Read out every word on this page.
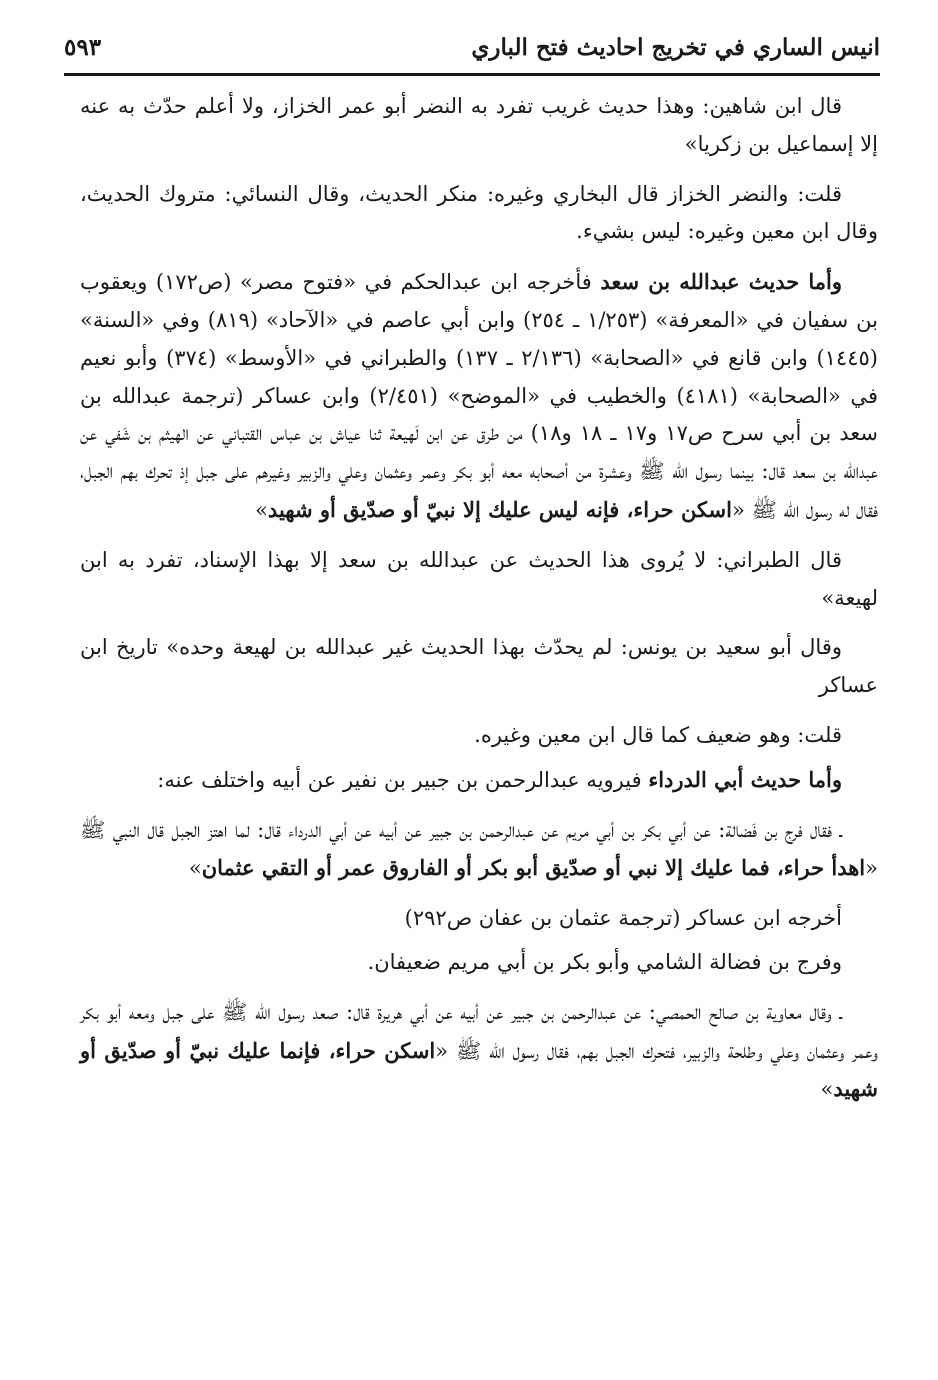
انيس الساري في تخريج احاديث فتح الباري
٥٩٣

قال ابن شاهين: وهذا حديث غريب تفرد به النضر أبو عمر الخزاز، ولا أعلم حدّث به عنه إلا إسماعيل بن زكريا»

قلت: والنضر الخزاز قال البخاري وغيره: منكر الحديث، وقال النسائي: متروك الحديث، وقال ابن معين وغيره: ليس بشيء.

وأما حديث عبدالله بن سعد فأخرجه ابن عبدالحكم في «فتوح مصر» (ص١٧٢) ويعقوب بن سفيان في «المعرفة» (١/٢٥٣ ـ ٢٥٤) وابن أبي عاصم في «الآحاد» (٨١٩) وفي «السنة» (١٤٤٥) وابن قانع في «الصحابة» (٢/١٣٦ ـ ١٣٧) والطبراني في «الأوسط» (٣٧٤) وأبو نعيم في «الصحابة» (٤١٨١) والخطيب في «الموضح» (٢/٤٥١) وابن عساكر (ترجمة عبدالله بن سعد بن أبي سرح ص١٧ و١٧ ـ ١٨ و١٨) من طرق عن ابن لَهيعة ثنا عياش بن عباس القتباني عن الهيثم بن شَفي عن عبدالله بن سعد قال: بينما رسول الله ﷺ وعشرة من أصحابه معه أبو بكر وعمر وعثمان وعلي والزبير وغيرهم على جبل إذ تحرك بهم الجبل، فقال له رسول الله ﷺ «اسكن حراء، فإنه ليس عليك إلا نبيّ أو صدّيق أو شهيد»

قال الطبراني: لا يُروى هذا الحديث عن عبدالله بن سعد إلا بهذا الإسناد، تفرد به ابن لهيعة»

وقال أبو سعيد بن يونس: لم يحدّث بهذا الحديث غير عبدالله بن لهيعة وحده» تاريخ ابن عساكر

قلت: وهو ضعيف كما قال ابن معين وغيره.

وأما حديث أبي الدرداء فيرويه عبدالرحمن بن جبير بن نفير عن أبيه واختلف عنه:

ـ فقال فرج بن فَضالة: عن أبي بكر بن أبي مريم عن عبدالرحمن بن جبير عن أبيه عن أبي الدرداء قال: لما اهتز الجبل قال النبي ﷺ «اهدأ حراء، فما عليك إلا نبي أو صدّيق أبو بكر أو الفاروق عمر أو التقي عثمان»

أخرجه ابن عساكر (ترجمة عثمان بن عفان ص٢٩٢)

وفرج بن فضالة الشامي وأبو بكر بن أبي مريم ضعيفان.

ـ وقال معاوية بن صالح الحمصي: عن عبدالرحمن بن جبير عن أبيه عن أبي هريرة قال: صعد رسول الله ﷺ على جبل ومعه أبو بكر وعمر وعثمان وعلي وطلحة والزبير، فتحرك الجبل بهم، فقال رسول الله ﷺ «اسكن حراء، فإنما عليك نبيّ أو صدّيق أو شهيد»
